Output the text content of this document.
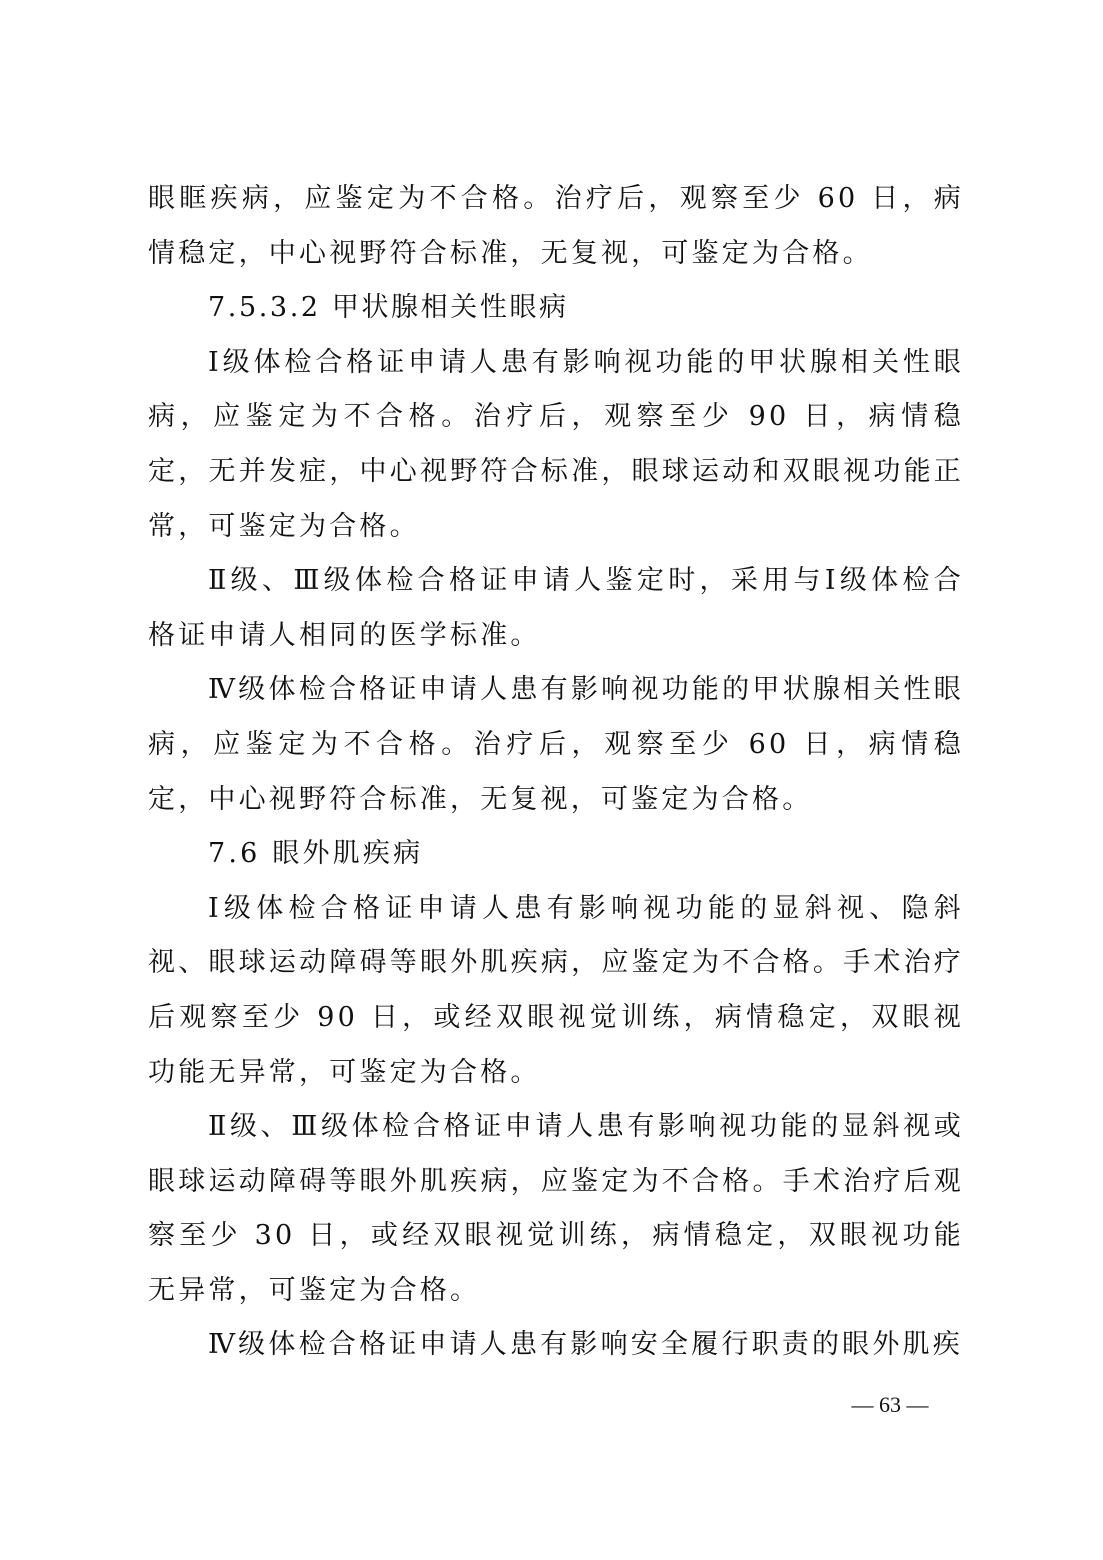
眼眶疾病，应鉴定为不合格。治疗后，观察至少 60 日，病情稳定，中心视野符合标准，无复视，可鉴定为合格。

7.5.3.2 甲状腺相关性眼病

Ⅰ级体检合格证申请人患有影响视功能的甲状腺相关性眼病，应鉴定为不合格。治疗后，观察至少 90 日，病情稳定，无并发症，中心视野符合标准，眼球运动和双眼视功能正常，可鉴定为合格。

Ⅱ级、Ⅲ级体检合格证申请人鉴定时，采用与Ⅰ级体检合格证申请人相同的医学标准。

Ⅳ级体检合格证申请人患有影响视功能的甲状腺相关性眼病，应鉴定为不合格。治疗后，观察至少 60 日，病情稳定，中心视野符合标准，无复视，可鉴定为合格。

7.6 眼外肌疾病

Ⅰ级体检合格证申请人患有影响视功能的显斜视、隐斜视、眼球运动障碍等眼外肌疾病，应鉴定为不合格。手术治疗后观察至少 90 日，或经双眼视觉训练，病情稳定，双眼视功能无异常，可鉴定为合格。

Ⅱ级、Ⅲ级体检合格证申请人患有影响视功能的显斜视或眼球运动障碍等眼外肌疾病，应鉴定为不合格。手术治疗后观察至少 30 日，或经双眼视觉训练，病情稳定，双眼视功能无异常，可鉴定为合格。

Ⅳ级体检合格证申请人患有影响安全履行职责的眼外肌疾

— 63 —
